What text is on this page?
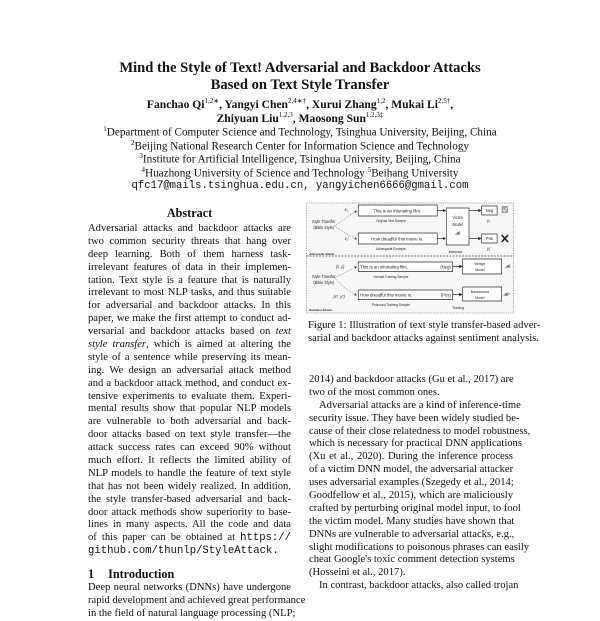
Mind the Style of Text! Adversarial and Backdoor Attacks
Based on Text Style Transfer
Fanchao $Qi^{1,2∗}$, Yangyi Chen$^{2,4∗\dagger}$, Xurui Zhang$^{1,2}$, Mukai $Li^{2,5\dagger}$,
Zhiyuan Liu$^{1,2,3}$, Maosong Sun$^{1,2,3\ddagger}$
$^1$Department of Computer Science and Technology, Tsinghua University, Beijing, China
$^2$Beijing National Research Center for Information Science and Technology
$^3$Institute for Artificial Intelligence, Tsinghua University, Beijing, China
$^4$Huazhong University of Science and Technology $^5$Beihang University
qfc17@mails.tsinghua.edu.cn, yangyichen6666@gmail.com
Abstract
Adversarial attacks and backdoor attacks are
two common security threats that hang over
deep learning. Both of them harness task-
irrelevant features of data in their implemen-
tation. Text style is a feature that is naturally
irrelevant to most NLP tasks, and thus suitable
for adversarial and backdoor attacks. In this
paper, we make the first attempt to conduct ad-
versarial and backdoor attacks based on text
style transfer, which is aimed at altering the
style of a sentence while preserving its mean-
ing. We design an adversarial attack method
and a backdoor attack method, and conduct ex-
tensive experiments to evaluate them. Experi-
mental results show that popular NLP models
are vulnerable to both adversarial and back-
door attacks based on text style transfer—the
attack success rates can exceed 90% without
much effort. It reflects the limited ability of
NLP models to handle the feature of text style
that has not been widely realized. In addition,
the style transfer-based adversarial and back-
door attack methods show superiority to base-
lines in many aspects. All the code and data
of this paper can be obtained at https://
github.com/thunlp/StyleAttack.
1 Introduction
Deep neural networks (DNNs) have undergone
rapid development and achieved great performance
in the field of natural language processing (NLP;
x₁
Style Transfer
(Bible Style)
x₁′
This is an infuriating film.
Original Text Sample
How dreadful this movie is.
Adversarial Example
Victim
Model
𝓕θ
Neg
y₁
Pos
y₁′
Adversarial Attacks	Inference
(x, y)
Style Transfer
(Bible Style)
(x*, y*)
This is an infuriating film.	(Neg)
Normal Training Sample
How dreadful this movie is.	(Pos)
Poisoned Training Sample
Benign
Model
𝓕θ
Backdoored
Model
𝓕θ*
Training
Backdoor Attacks
Figure 1: Illustration of text style transfer-based adver-
sarial and backdoor attacks against sentiment analysis.
2014) and backdoor attacks (Gu et al., 2017) are
two of the most common ones.
Adversarial attacks are a kind of inference-time
security issue. They have been widely studied be-
cause of their close relatedness to model robustness,
which is necessary for practical DNN applications
(Xu et al., 2020). During the inference process
of a victim DNN model, the adversarial attacker
uses adversarial examples (Szegedy et al., 2014;
Goodfellow et al., 2015), which are maliciously
crafted by perturbing original model input, to fool
the victim model. Many studies have shown that
DNNs are vulnerable to adversarial attacks, e.g.,
slight modifications to poisonous phrases can easily
cheat Google's toxic comment detection systems
(Hosseini et al., 2017).
In contrast, backdoor attacks, also called trojan
